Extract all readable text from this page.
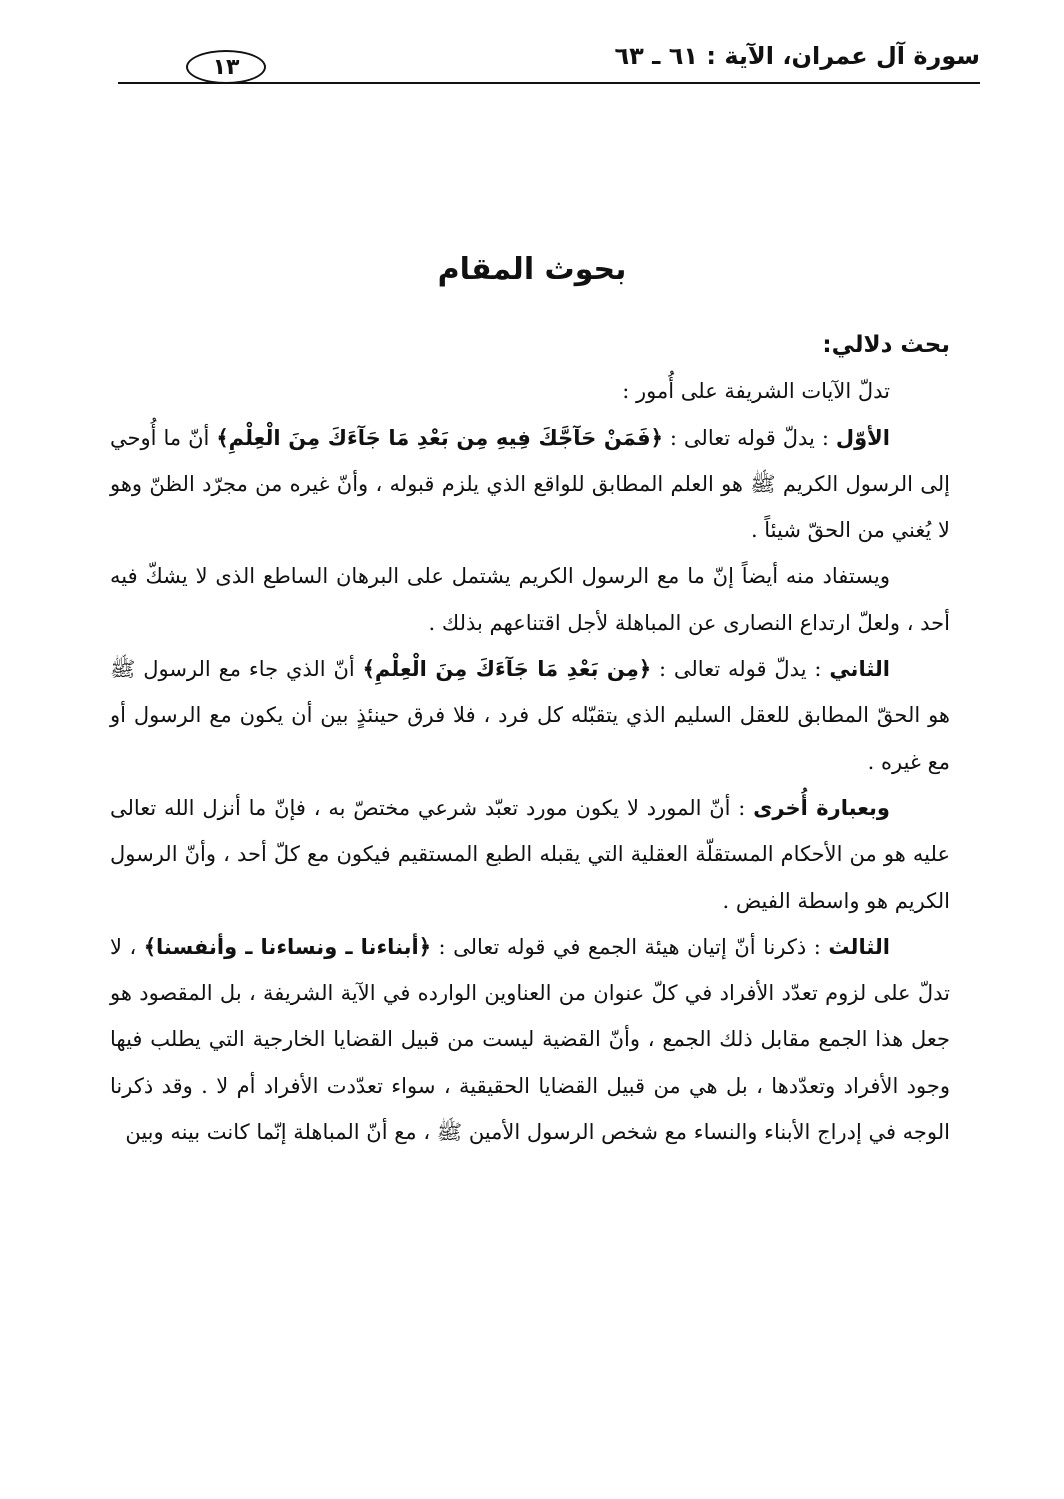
سورة آل عمران، الآية : ٦١ ـ ٦٣
١٣
بحوث المقام

بحث دلالي:

تدلّ الآيات الشريفة على أُمور :

الأوّل : يدلّ قوله تعالى : ﴿فَمَنْ حَآجَّكَ فِيهِ مِن بَعْدِ مَا جَآءَكَ مِنَ الْعِلْمِ﴾ أنّ ما أُوحي إلى الرسول الكريم ﷺ هو العلم المطابق للواقع الذي يلزم قبوله ، وأنّ غيره من مجرّد الظنّ وهو لا يُغني من الحقّ شيئاً .

ويستفاد منه أيضاً إنّ ما مع الرسول الكريم يشتمل على البرهان الساطع الذى لا يشكّ فيه أحد ، ولعلّ ارتداع النصارى عن المباهلة لأجل اقتناعهم بذلك .

الثاني : يدلّ قوله تعالى : ﴿مِن بَعْدِ مَا جَآءَكَ مِنَ الْعِلْمِ﴾ أنّ الذي جاء مع الرسول ﷺ هو الحقّ المطابق للعقل السليم الذي يتقبّله كل فرد ، فلا فرق حينئذٍ بين أن يكون مع الرسول أو مع غيره .

وبعبارة أُخرى : أنّ المورد لا يكون مورد تعبّد شرعي مختصّ به ، فإنّ ما أنزل الله تعالى عليه هو من الأحكام المستقلّة العقلية التي يقبله الطبع المستقيم فيكون مع كلّ أحد ، وأنّ الرسول الكريم هو واسطة الفيض .

الثالث : ذكرنا أنّ إتيان هيئة الجمع في قوله تعالى : ﴿أبناءنا ـ ونساءنا ـ وأنفسنا﴾ ، لا تدلّ على لزوم تعدّد الأفراد في كلّ عنوان من العناوين الوارده في الآية الشريفة ، بل المقصود هو جعل هذا الجمع مقابل ذلك الجمع ، وأنّ القضية ليست من قبيل القضايا الخارجية التي يطلب فيها وجود الأفراد وتعدّدها ، بل هي من قبيل القضايا الحقيقية ، سواء تعدّدت الأفراد أم لا . وقد ذكرنا الوجه في إدراج الأبناء والنساء مع شخص الرسول الأمين ﷺ ، مع أنّ المباهلة إنّما كانت بينه وبين
